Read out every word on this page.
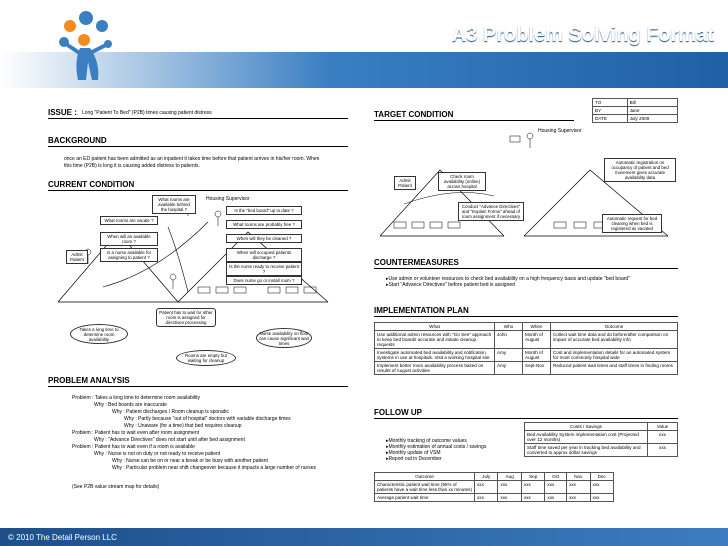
A3 Problem Solving Format
ISSUE : Long "Patient To Bed" (P2B) times causing patient distress
BACKGROUND
once an ED patient has been admitted as an inpatient it takes time before that patient arrives in his/her room. When
this time (P2B) is long it is causing added distress to patients.
CURRENT CONDITION
What rooms are available behind the hospital ?
Housing Supervisor
Admit Patient
What rooms are vacate ?
When will an available room ?
Is a nurse available for assigning to patient ?
Is the "bed board" up to date ?
What rooms are probably free ?
When will they be cleaned ?
When will occupied patients discharge ?
Is the nurse ready to receive patient ?
Does nurse go or install room ?
Patient has to wait for other room is assigned for directives processing
Takes a long time to determine room availability
Nurse availability on floor can cause significant wait times
Rooms are empty but waiting for cleanup
PROBLEM ANALYSIS
Problem : Takes a long time to determine room availability
Why : Bed boards are inaccurate
Why : Patient discharges / Room cleanup is sporadic
Why : Partly because "out of hospital" doctors with variable discharge times
Why : Unaware (for a time) that bed requires cleanup
Problem : Patient has to wait even after room assignment
Why : "Advance Directives" does not start until after bed assignment
Problem : Patient has to wait even if a room is available
Why : Nurse is not on duty or not ready to receive patient
Why : Nurse can be on or near a break or be busy with another patient
Why : Particular problem near shift changeover because it impacts a large number of nurses
(See P2B value stream map for details)
TARGET CONDITION
TO	Bill
BY	Jane
DATE	July 2009
Housing Supervisor
Admit Patient
Check room availability (online) across hospital
Conduct "Advance Directives" and "Explain Forms" ahead of room assignment if necessary
Automatic registration on occupancy of patient and bed movement gives accurate availability data
Automatic request for bed cleaning when bed is registered as vacated
COUNTERMEASURES
▸ Use admin or volunteer resources to check bed availability on a high frequency basis and update "bed board"
▸ Start "Advance Directives" before patient bed is assigned
IMPLEMENTATION PLAN
What	Who	When	Outcome
Use additional admin resources with "Go See" approach to keep bed boards accurate and initiate cleanup requests	John	Month of August	Collect wait time data and do before/after comparison on impact of accurate bed availability info
Investigate automated bed availability and notification systems in use at hospitals. Visit a working hospital site	Amy	Month of August	Cost and implementation details for an automated system for most commonly hospital wide
Implement better room availability process based on results of August activities	Amy	Sept-Nov	Reduced patient wait times and staff times in finding rooms
FOLLOW UP
▸ Monthly tracking of outcome values
▸ Monthly estimation of annual costs / savings
▸ Monthly update of VSM
▸ Report out in December
Costs / Savings	Value
Bed Availability System implementation cost (Projected over 12 months)	xxx
Staff time saved per year in tracking bed availability and converted to approx dollar savings	xxx
Outcome	July	Aug	Sep	Oct	Nov	Dec
Characteristic patient wait time (95% of patients have a wait time less than xx minutes)	xxx	xxx	xxx	xxx	xxx	xxx
Average patient wait time	xxx	xxx	xxx	xxx	xxx	xxx
© 2010 The Detail Person LLC
